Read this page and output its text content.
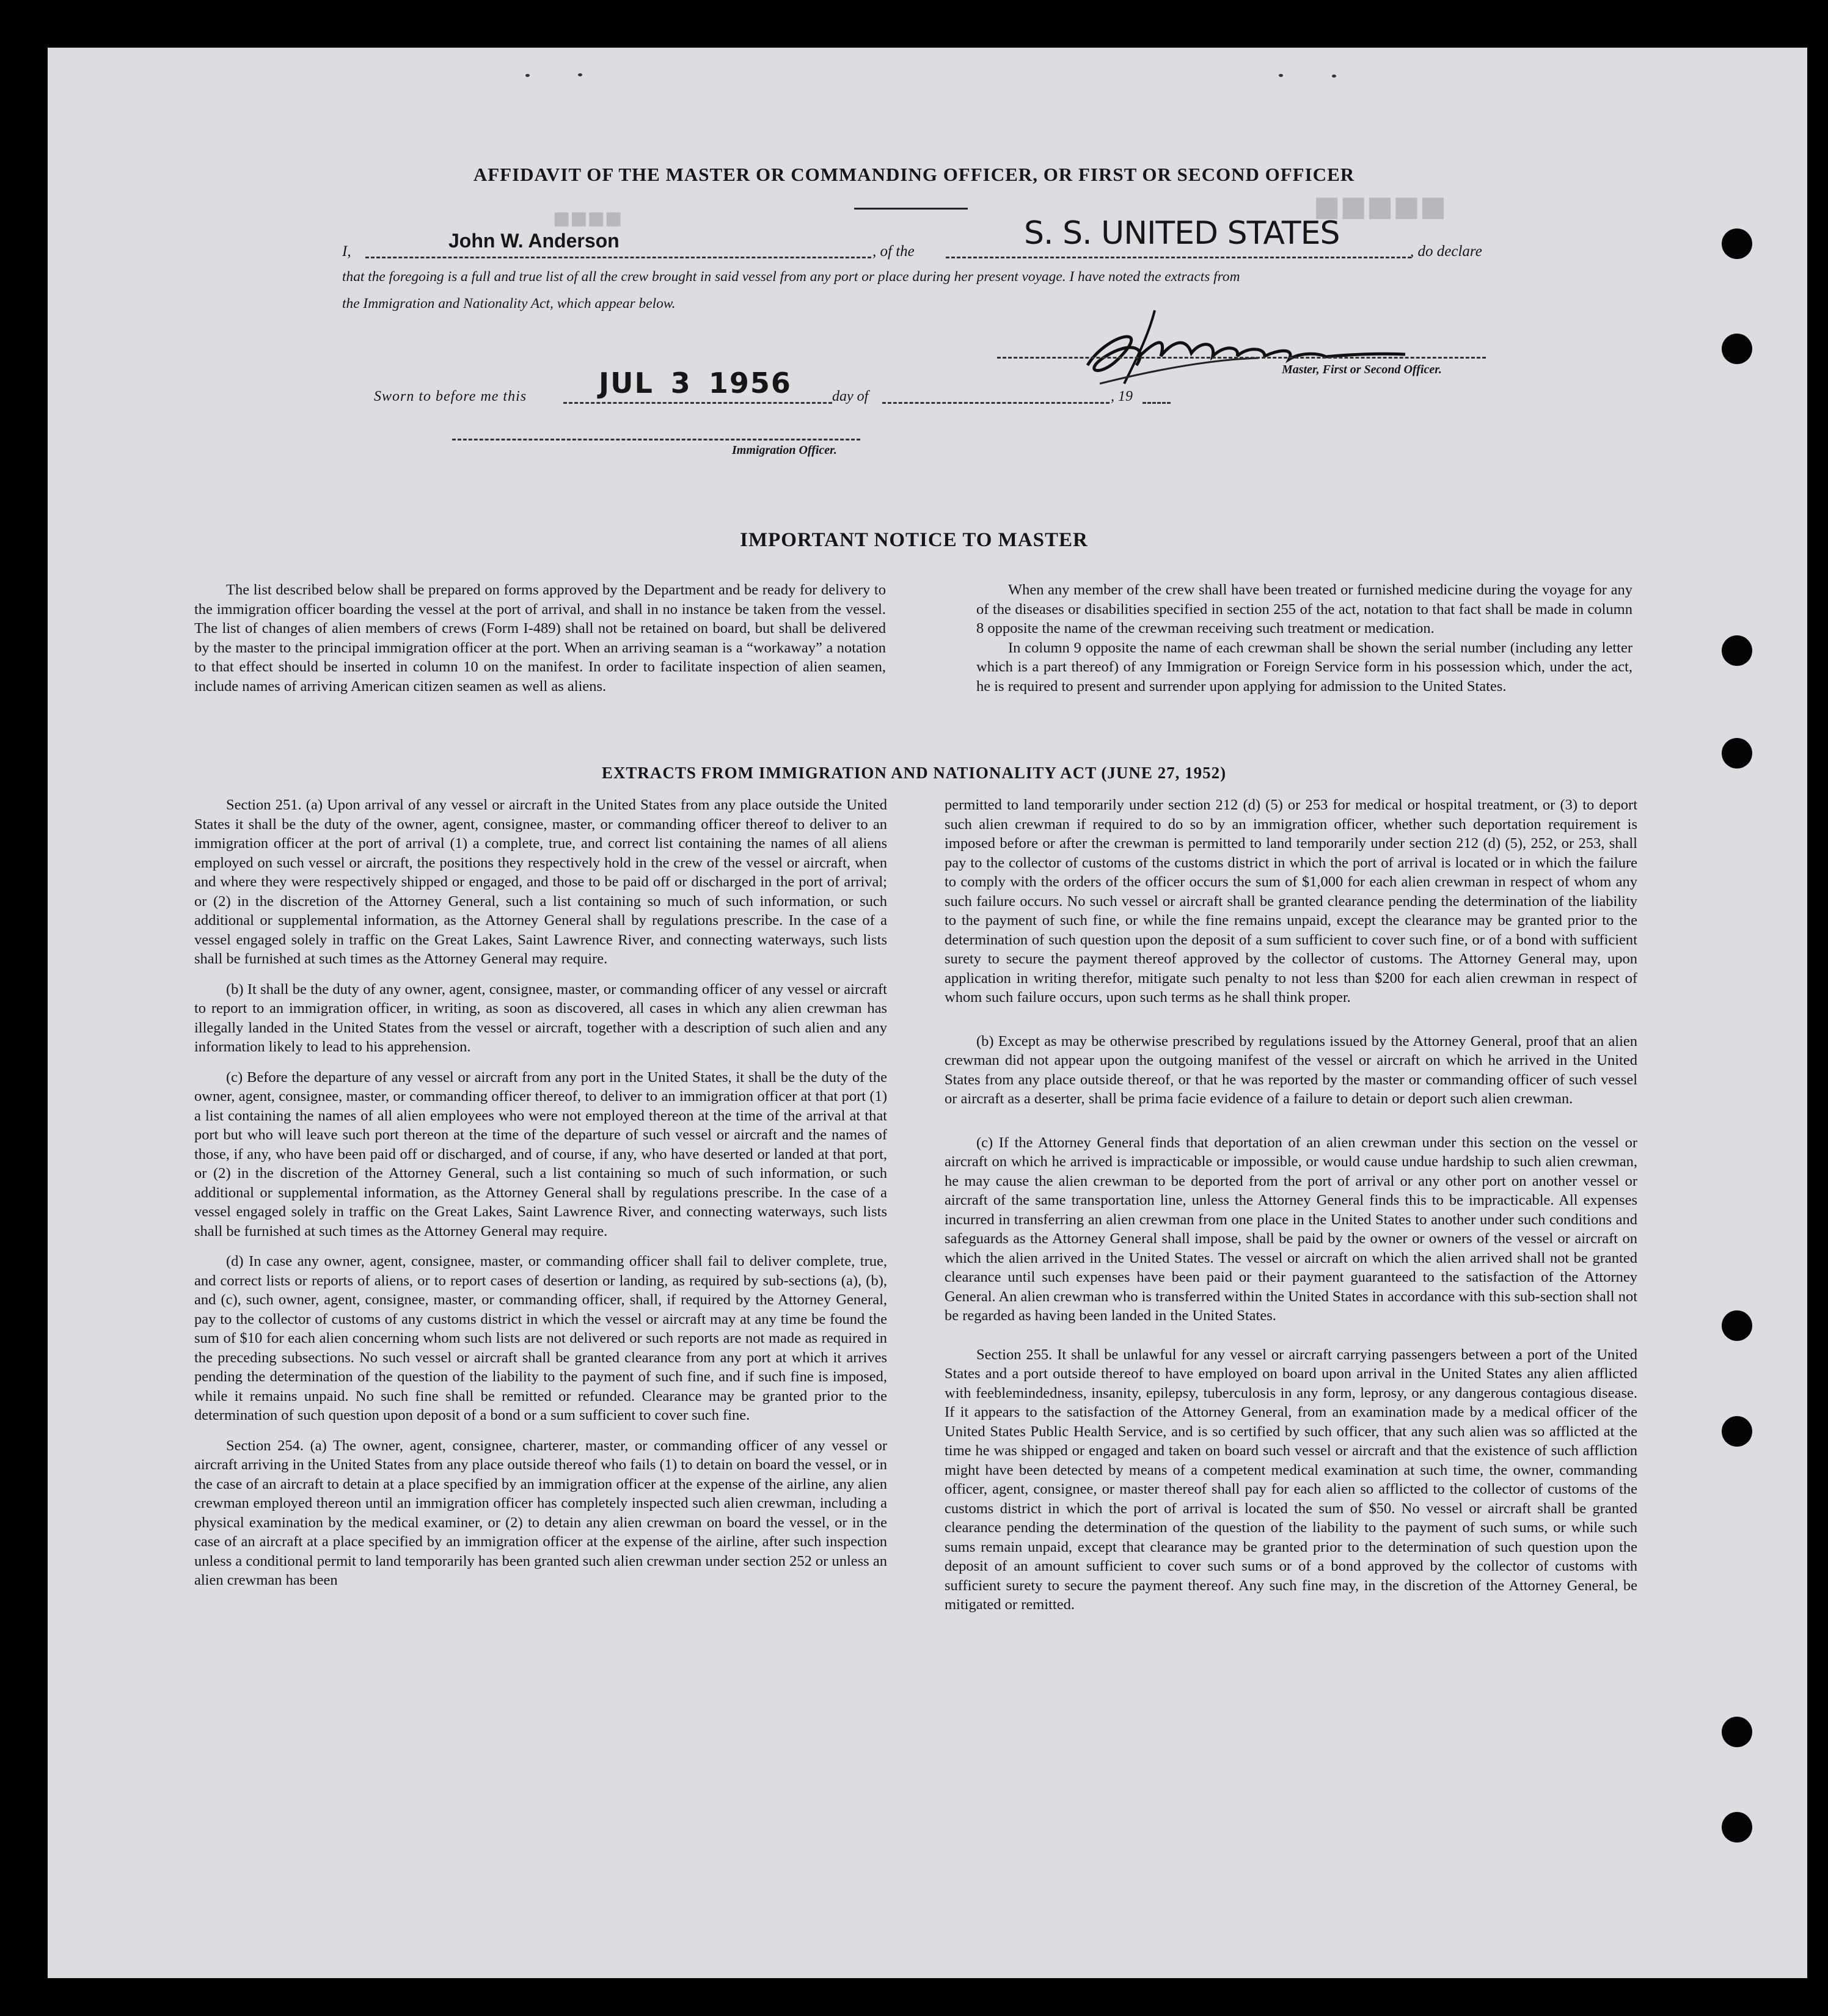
■■■■■
■■■■
AFFIDAVIT OF THE MASTER OR COMMANDING OFFICER, OR FIRST OR SECOND OFFICER
I,	John W. Anderson	, of the	S. S. UNITED STATES	, do declare
that the foregoing is a full and true list of all the crew brought in said vessel from any port or place during her present voyage. I have noted the extracts from
the Immigration and Nationality Act, which appear below.
Master, First or Second Officer.
Sworn to before me this	JUL 3 1956	day of	, 19
Immigration Officer.
IMPORTANT NOTICE TO MASTER

The list described below shall be prepared on forms approved by the Department and be ready for delivery to the immigration officer boarding the vessel at the port of arrival, and shall in no instance be taken from the vessel. The list of changes of alien members of crews (Form I-489) shall not be retained on board, but shall be delivered by the master to the principal immigration officer at the port. When an arriving seaman is a “workaway” a notation to that effect should be inserted in column 10 on the manifest. In order to facilitate inspection of alien seamen, include names of arriving American citizen seamen as well as aliens.

When any member of the crew shall have been treated or furnished medicine during the voyage for any of the diseases or disabilities specified in section 255 of the act, notation to that fact shall be made in column 8 opposite the name of the crewman receiving such treatment or medication.

In column 9 opposite the name of each crewman shall be shown the serial number (including any letter which is a part thereof) of any Immigration or Foreign Service form in his possession which, under the act, he is required to present and surrender upon applying for admission to the United States.

EXTRACTS FROM IMMIGRATION AND NATIONALITY ACT (JUNE 27, 1952)

Section 251. (a) Upon arrival of any vessel or aircraft in the United States from any place outside the United States it shall be the duty of the owner, agent, consignee, master, or commanding officer thereof to deliver to an immigration officer at the port of arrival (1) a complete, true, and correct list containing the names of all aliens employed on such vessel or aircraft, the positions they respectively hold in the crew of the vessel or aircraft, when and where they were respectively shipped or engaged, and those to be paid off or discharged in the port of arrival; or (2) in the discretion of the Attorney General, such a list containing so much of such information, or such additional or supplemental information, as the Attorney General shall by regulations prescribe. In the case of a vessel engaged solely in traffic on the Great Lakes, Saint Lawrence River, and connecting waterways, such lists shall be furnished at such times as the Attorney General may require.

(b) It shall be the duty of any owner, agent, consignee, master, or commanding officer of any vessel or aircraft to report to an immigration officer, in writing, as soon as discovered, all cases in which any alien crewman has illegally landed in the United States from the vessel or aircraft, together with a description of such alien and any information likely to lead to his apprehension.

(c) Before the departure of any vessel or aircraft from any port in the United States, it shall be the duty of the owner, agent, consignee, master, or commanding officer thereof, to deliver to an immigration officer at that port (1) a list containing the names of all alien employees who were not employed thereon at the time of the arrival at that port but who will leave such port thereon at the time of the departure of such vessel or aircraft and the names of those, if any, who have been paid off or discharged, and of course, if any, who have deserted or landed at that port, or (2) in the discretion of the Attorney General, such a list containing so much of such information, or such additional or supplemental information, as the Attorney General shall by regulations prescribe. In the case of a vessel engaged solely in traffic on the Great Lakes, Saint Lawrence River, and connecting waterways, such lists shall be furnished at such times as the Attorney General may require.

(d) In case any owner, agent, consignee, master, or commanding officer shall fail to deliver complete, true, and correct lists or reports of aliens, or to report cases of desertion or landing, as required by sub-sections (a), (b), and (c), such owner, agent, consignee, master, or commanding officer, shall, if required by the Attorney General, pay to the collector of customs of any customs district in which the vessel or aircraft may at any time be found the sum of $10 for each alien concerning whom such lists are not delivered or such reports are not made as required in the preceding subsections. No such vessel or aircraft shall be granted clearance from any port at which it arrives pending the determination of the question of the liability to the payment of such fine, and if such fine is imposed, while it remains unpaid. No such fine shall be remitted or refunded. Clearance may be granted prior to the determination of such question upon deposit of a bond or a sum sufficient to cover such fine.

Section 254. (a) The owner, agent, consignee, charterer, master, or commanding officer of any vessel or aircraft arriving in the United States from any place outside thereof who fails (1) to detain on board the vessel, or in the case of an aircraft to detain at a place specified by an immigration officer at the expense of the airline, any alien crewman employed thereon until an immigration officer has completely inspected such alien crewman, including a physical examination by the medical examiner, or (2) to detain any alien crewman on board the vessel, or in the case of an aircraft at a place specified by an immigration officer at the expense of the airline, after such inspection unless a conditional permit to land temporarily has been granted such alien crewman under section 252 or unless an alien crewman has been

permitted to land temporarily under section 212 (d) (5) or 253 for medical or hospital treatment, or (3) to deport such alien crewman if required to do so by an immigration officer, whether such deportation requirement is imposed before or after the crewman is permitted to land temporarily under section 212 (d) (5), 252, or 253, shall pay to the collector of customs of the customs district in which the port of arrival is located or in which the failure to comply with the orders of the officer occurs the sum of $1,000 for each alien crewman in respect of whom any such failure occurs. No such vessel or aircraft shall be granted clearance pending the determination of the liability to the payment of such fine, or while the fine remains unpaid, except the clearance may be granted prior to the determination of such question upon the deposit of a sum sufficient to cover such fine, or of a bond with sufficient surety to secure the payment thereof approved by the collector of customs. The Attorney General may, upon application in writing therefor, mitigate such penalty to not less than $200 for each alien crewman in respect of whom such failure occurs, upon such terms as he shall think proper.

(b) Except as may be otherwise prescribed by regulations issued by the Attorney General, proof that an alien crewman did not appear upon the outgoing manifest of the vessel or aircraft on which he arrived in the United States from any place outside thereof, or that he was reported by the master or commanding officer of such vessel or aircraft as a deserter, shall be prima facie evidence of a failure to detain or deport such alien crewman.

(c) If the Attorney General finds that deportation of an alien crewman under this section on the vessel or aircraft on which he arrived is impracticable or impossible, or would cause undue hardship to such alien crewman, he may cause the alien crewman to be deported from the port of arrival or any other port on another vessel or aircraft of the same transportation line, unless the Attorney General finds this to be impracticable. All expenses incurred in transferring an alien crewman from one place in the United States to another under such conditions and safeguards as the Attorney General shall impose, shall be paid by the owner or owners of the vessel or aircraft on which the alien arrived in the United States. The vessel or aircraft on which the alien arrived shall not be granted clearance until such expenses have been paid or their payment guaranteed to the satisfaction of the Attorney General. An alien crewman who is transferred within the United States in accordance with this sub-section shall not be regarded as having been landed in the United States.

Section 255. It shall be unlawful for any vessel or aircraft carrying passengers between a port of the United States and a port outside thereof to have employed on board upon arrival in the United States any alien afflicted with feeblemindedness, insanity, epilepsy, tuberculosis in any form, leprosy, or any dangerous contagious disease. If it appears to the satisfaction of the Attorney General, from an examination made by a medical officer of the United States Public Health Service, and is so certified by such officer, that any such alien was so afflicted at the time he was shipped or engaged and taken on board such vessel or aircraft and that the existence of such affliction might have been detected by means of a competent medical examination at such time, the owner, commanding officer, agent, consignee, or master thereof shall pay for each alien so afflicted to the collector of customs of the customs district in which the port of arrival is located the sum of $50. No vessel or aircraft shall be granted clearance pending the determination of the question of the liability to the payment of such sums, or while such sums remain unpaid, except that clearance may be granted prior to the determination of such question upon the deposit of an amount sufficient to cover such sums or of a bond approved by the collector of customs with sufficient surety to secure the payment thereof. Any such fine may, in the discretion of the Attorney General, be mitigated or remitted.
